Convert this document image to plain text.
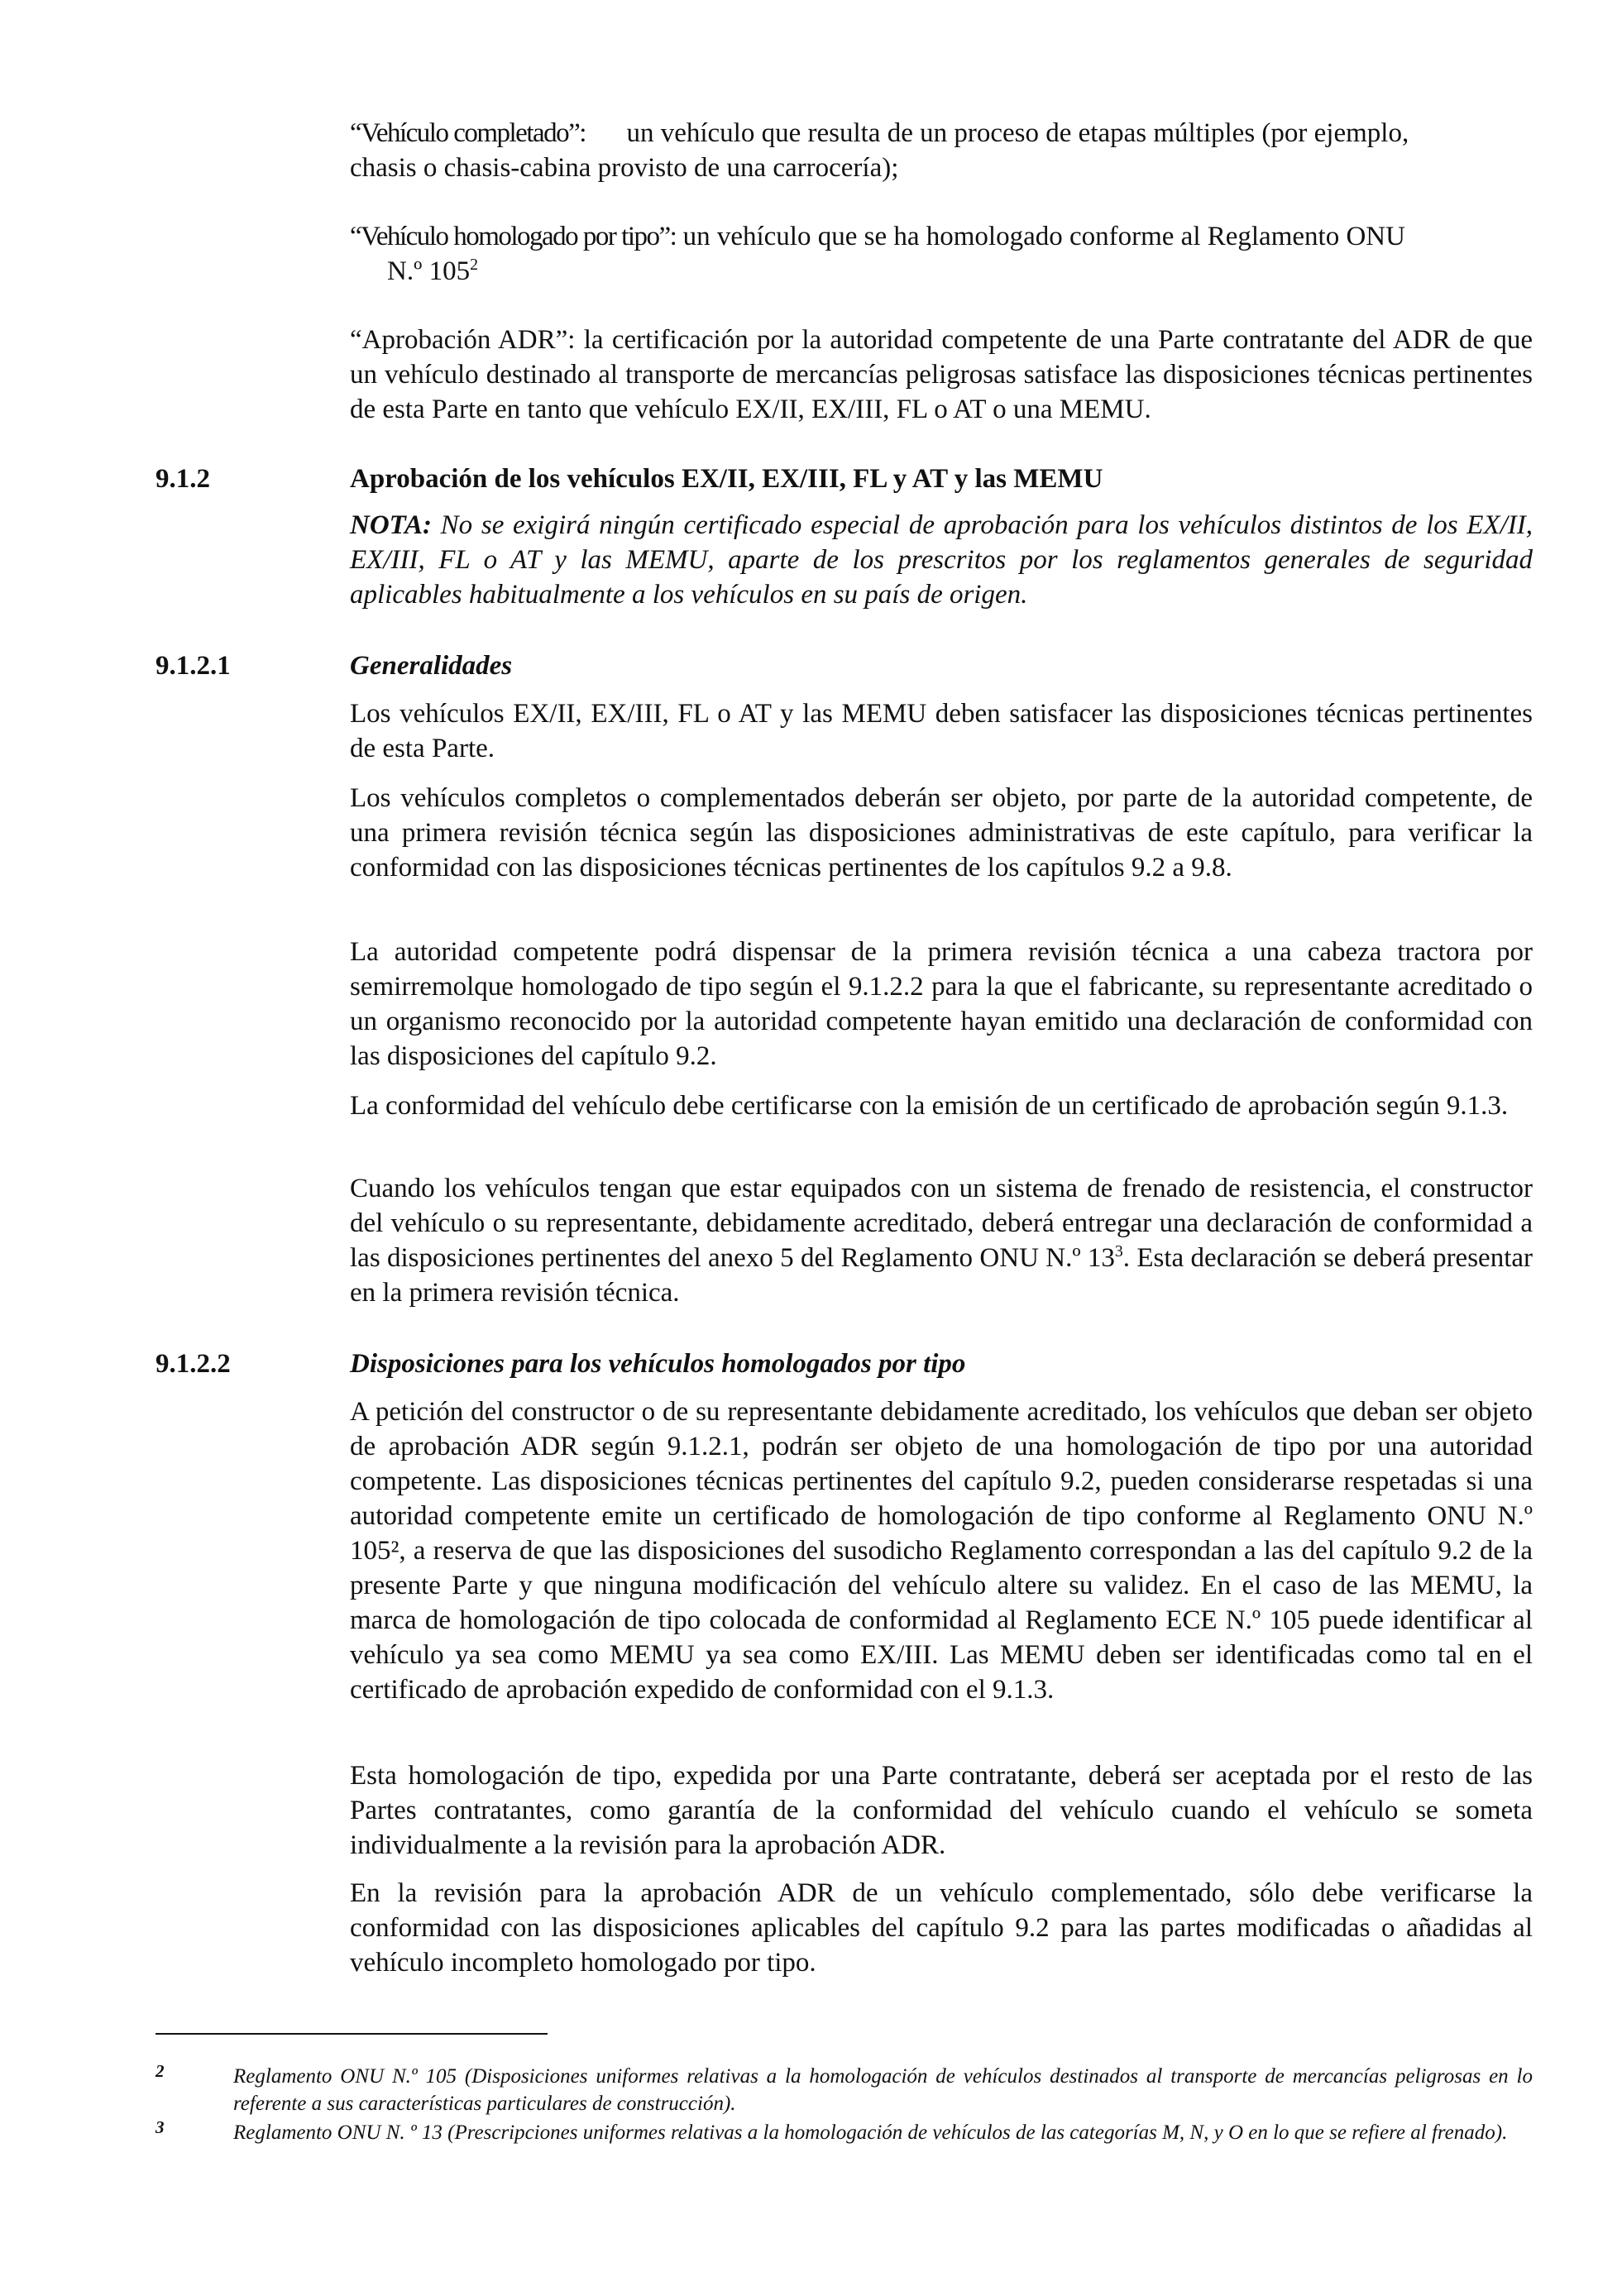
“Vehículo completado”: un vehículo que resulta de un proceso de etapas múltiples (por ejemplo,

chasis o chasis-cabina provisto de una carrocería);

“Vehículo homologado por tipo”: un vehículo que se ha homologado conforme al Reglamento ONU

N.º $105^2$

“Aprobación ADR”: la certificación por la autoridad competente de una Parte contratante del ADR de que un vehículo destinado al transporte de mercancías peligrosas satisface las disposiciones técnicas pertinentes de esta Parte en tanto que vehículo EX/II, EX/III, FL o AT o una MEMU.

9.1.2	Aprobación de los vehículos EX/II, EX/III, FL y AT y las MEMU

NOTA: No se exigirá ningún certificado especial de aprobación para los vehículos distintos de los EX/II, EX/III, FL o AT y las MEMU, aparte de los prescritos por los reglamentos generales de seguridad aplicables habitualmente a los vehículos en su país de origen.

9.1.2.1	Generalidades

Los vehículos EX/II, EX/III, FL o AT y las MEMU deben satisfacer las disposiciones técnicas pertinentes de esta Parte.

Los vehículos completos o complementados deberán ser objeto, por parte de la autoridad competente, de una primera revisión técnica según las disposiciones administrativas de este capítulo, para verificar la conformidad con las disposiciones técnicas pertinentes de los capítulos 9.2 a 9.8.

La autoridad competente podrá dispensar de la primera revisión técnica a una cabeza tractora por semirremolque homologado de tipo según el 9.1.2.2 para la que el fabricante, su representante acreditado o un organismo reconocido por la autoridad competente hayan emitido una declaración de conformidad con las disposiciones del capítulo 9.2.

La conformidad del vehículo debe certificarse con la emisión de un certificado de aprobación según 9.1.3.

Cuando los vehículos tengan que estar equipados con un sistema de frenado de resistencia, el constructor del vehículo o su representante, debidamente acreditado, deberá entregar una declaración de conformidad a las disposiciones pertinentes del anexo 5 del Reglamento ONU N.º $13^3$. Esta declaración se deberá presentar en la primera revisión técnica.

9.1.2.2	Disposiciones para los vehículos homologados por tipo

A petición del constructor o de su representante debidamente acreditado, los vehículos que deban ser objeto de aprobación ADR según 9.1.2.1, podrán ser objeto de una homologación de tipo por una autoridad competente. Las disposiciones técnicas pertinentes del capítulo 9.2, pueden considerarse respetadas si una autoridad competente emite un certificado de homologación de tipo conforme al Reglamento ONU N.º 105², a reserva de que las disposiciones del susodicho Reglamento correspondan a las del capítulo 9.2 de la presente Parte y que ninguna modificación del vehículo altere su validez. En el caso de las MEMU, la marca de homologación de tipo colocada de conformidad al Reglamento ECE N.º 105 puede identificar al vehículo ya sea como MEMU ya sea como EX/III. Las MEMU deben ser identificadas como tal en el certificado de aprobación expedido de conformidad con el 9.1.3.

Esta homologación de tipo, expedida por una Parte contratante, deberá ser aceptada por el resto de las Partes contratantes, como garantía de la conformidad del vehículo cuando el vehículo se someta individualmente a la revisión para la aprobación ADR.

En la revisión para la aprobación ADR de un vehículo complementado, sólo debe verificarse la conformidad con las disposiciones aplicables del capítulo 9.2 para las partes modificadas o añadidas al vehículo incompleto homologado por tipo.

2	Reglamento ONU N.º 105 (Disposiciones uniformes relativas a la homologación de vehículos destinados al transporte de mercancías peligrosas en lo referente a sus características particulares de construcción).
3	Reglamento ONU N. º 13 (Prescripciones uniformes relativas a la homologación de vehículos de las categorías M, N, y O en lo que se refiere al frenado).
